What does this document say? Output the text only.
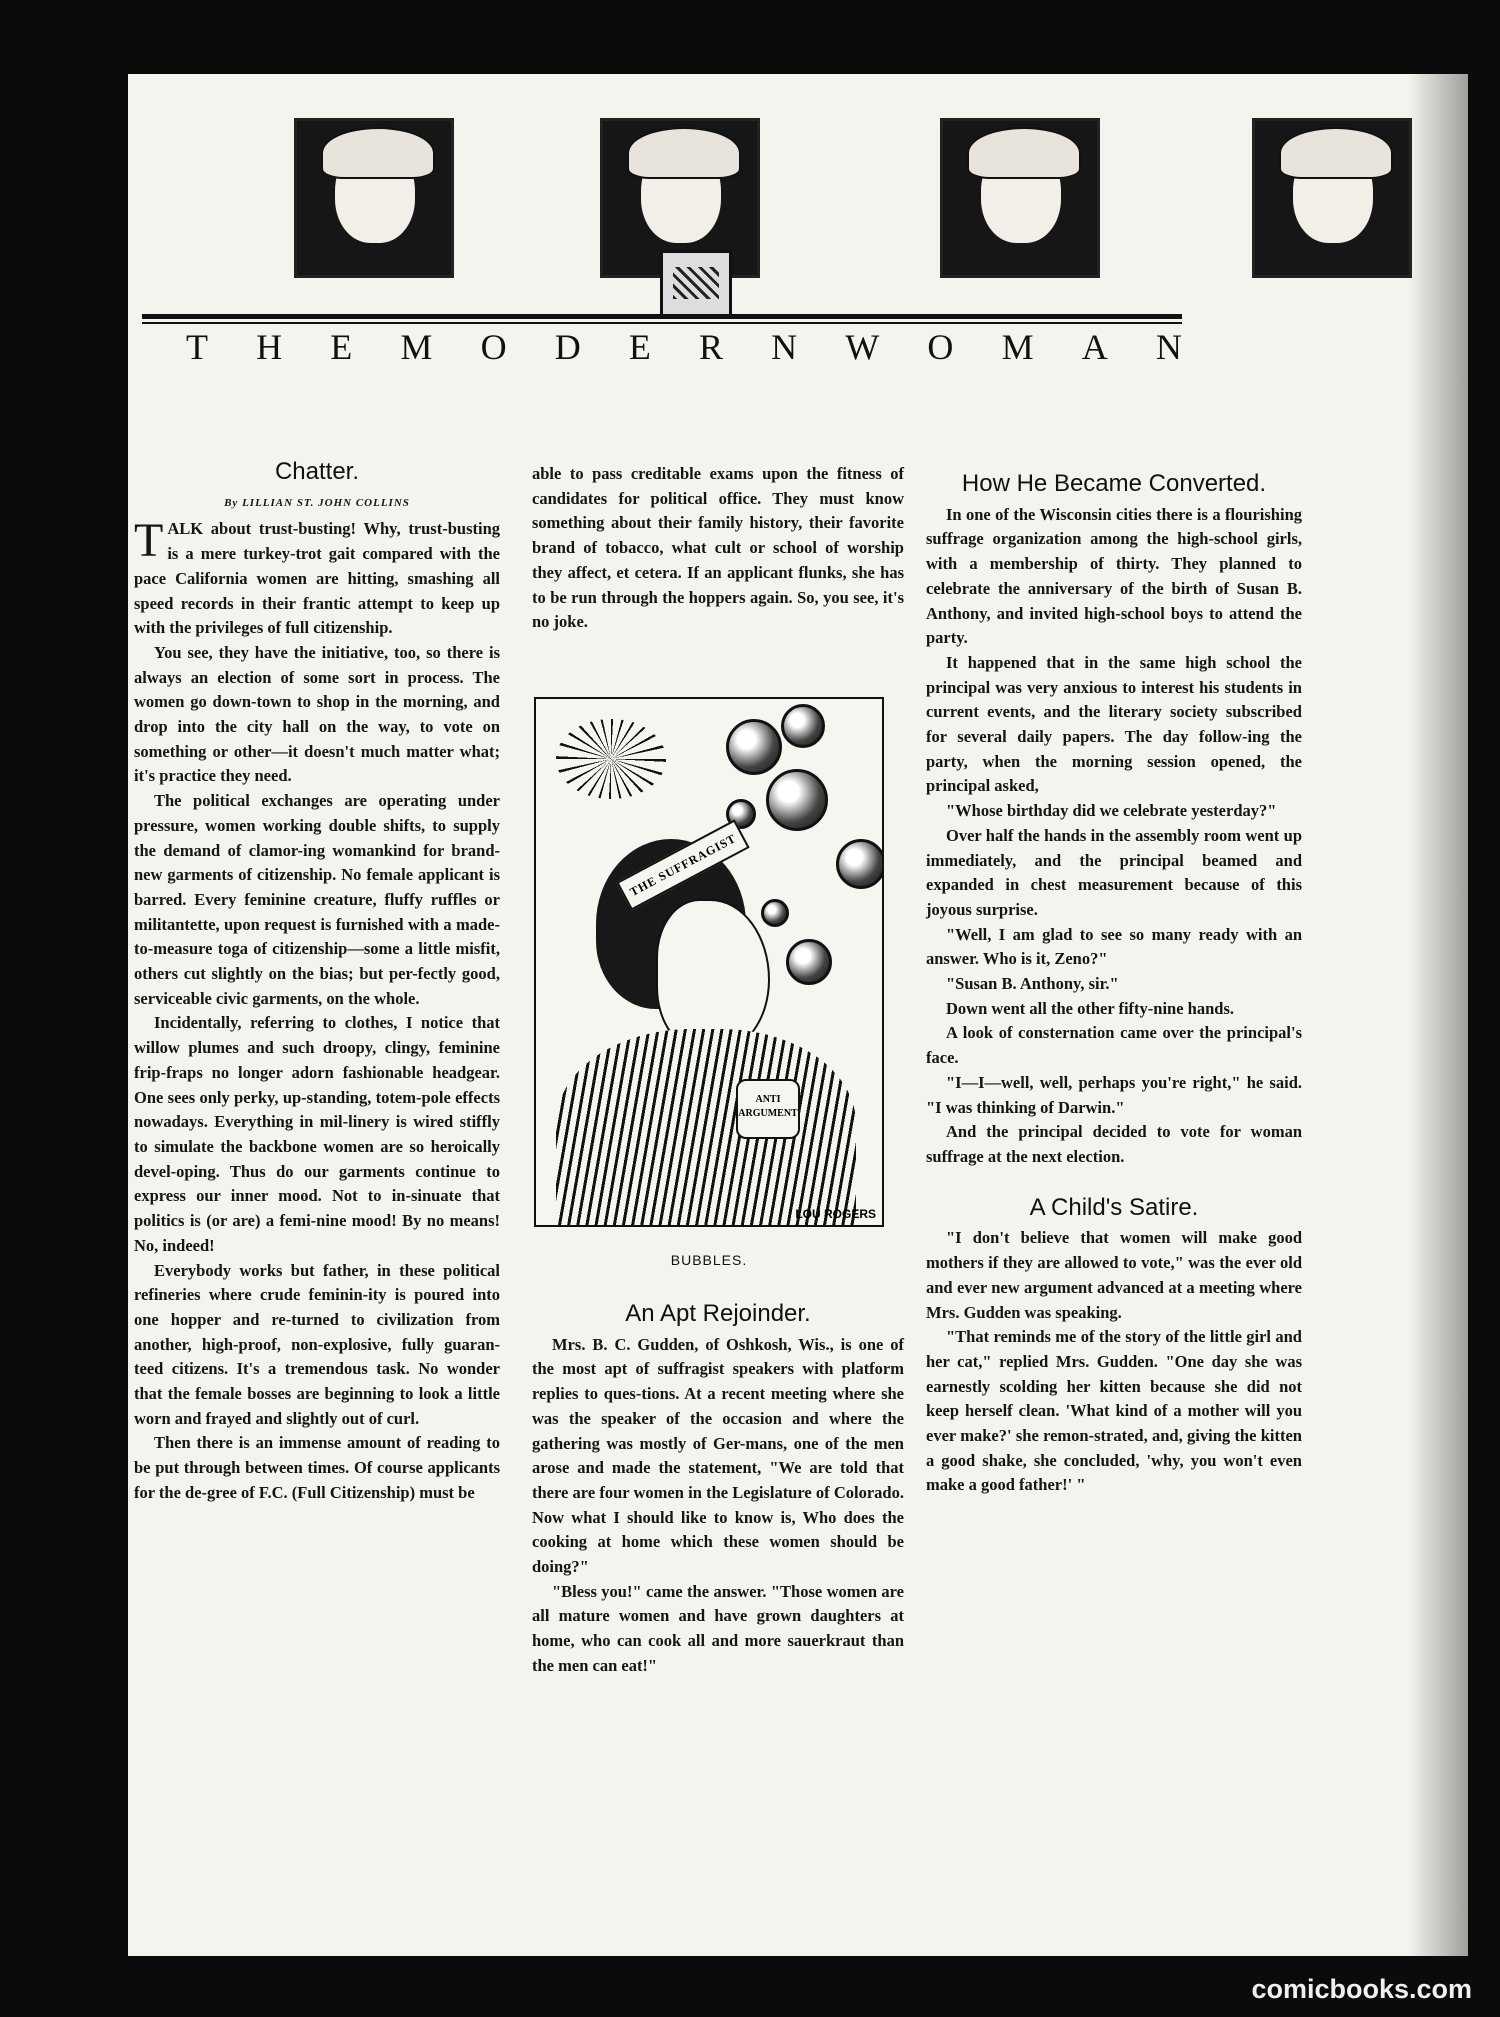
T H E M O D E R N W O M A N
Chatter.
By LILLIAN ST. JOHN COLLINS

TALK about trust-busting! Why, trust-busting is a mere turkey-trot gait compared with the pace California women are hitting, smashing all speed records in their frantic attempt to keep up with the privileges of full citizenship.

You see, they have the initiative, too, so there is always an election of some sort in process. The women go down-town to shop in the morning, and drop into the city hall on the way, to vote on something or other—it doesn't much matter what; it's practice they need.

The political exchanges are operating under pressure, women working double shifts, to supply the demand of clamor-ing womankind for brand-new garments of citizenship. No female applicant is barred. Every feminine creature, fluffy ruffles or militantette, upon request is furnished with a made-to-measure toga of citizenship—some a little misfit, others cut slightly on the bias; but per-fectly good, serviceable civic garments, on the whole.

Incidentally, referring to clothes, I notice that willow plumes and such droopy, clingy, feminine frip-fraps no longer adorn fashionable headgear. One sees only perky, up-standing, totem-pole effects nowadays. Everything in mil-linery is wired stiffly to simulate the backbone women are so heroically devel-oping. Thus do our garments continue to express our inner mood. Not to in-sinuate that politics is (or are) a femi-nine mood! By no means! No, indeed!

Everybody works but father, in these political refineries where crude feminin-ity is poured into one hopper and re-turned to civilization from another, high-proof, non-explosive, fully guaran-teed citizens. It's a tremendous task. No wonder that the female bosses are beginning to look a little worn and frayed and slightly out of curl.

Then there is an immense amount of reading to be put through between times. Of course applicants for the de-gree of F.C. (Full Citizenship) must be

able to pass creditable exams upon the fitness of candidates for political office. They must know something about their family history, their favorite brand of tobacco, what cult or school of worship they affect, et cetera. If an applicant flunks, she has to be run through the hoppers again. So, you see, it's no joke.

THE SUFFRAGIST
ANTI ARGUMENT
LOU ROGERS
BUBBLES.
An Apt Rejoinder.

Mrs. B. C. Gudden, of Oshkosh, Wis., is one of the most apt of suffragist speakers with platform replies to ques-tions. At a recent meeting where she was the speaker of the occasion and where the gathering was mostly of Ger-mans, one of the men arose and made the statement, "We are told that there are four women in the Legislature of Colorado. Now what I should like to know is, Who does the cooking at home which these women should be doing?"

"Bless you!" came the answer. "Those women are all mature women and have grown daughters at home, who can cook all and more sauerkraut than the men can eat!"

How He Became Converted.

In one of the Wisconsin cities there is a flourishing suffrage organization among the high-school girls, with a membership of thirty. They planned to celebrate the anniversary of the birth of Susan B. Anthony, and invited high-school boys to attend the party.

It happened that in the same high school the principal was very anxious to interest his students in current events, and the literary society subscribed for several daily papers. The day follow-ing the party, when the morning session opened, the principal asked,

"Whose birthday did we celebrate yesterday?"

Over half the hands in the assembly room went up immediately, and the principal beamed and expanded in chest measurement because of this joyous surprise.

"Well, I am glad to see so many ready with an answer. Who is it, Zeno?"

"Susan B. Anthony, sir."

Down went all the other fifty-nine hands.

A look of consternation came over the principal's face.

"I—I—well, well, perhaps you're right," he said. "I was thinking of Darwin."

And the principal decided to vote for woman suffrage at the next election.

A Child's Satire.

"I don't believe that women will make good mothers if they are allowed to vote," was the ever old and ever new argument advanced at a meeting where Mrs. Gudden was speaking.

"That reminds me of the story of the little girl and her cat," replied Mrs. Gudden. "One day she was earnestly scolding her kitten because she did not keep herself clean. 'What kind of a mother will you ever make?' she remon-strated, and, giving the kitten a good shake, she concluded, 'why, you won't even make a good father!' "

comicbooks.com
